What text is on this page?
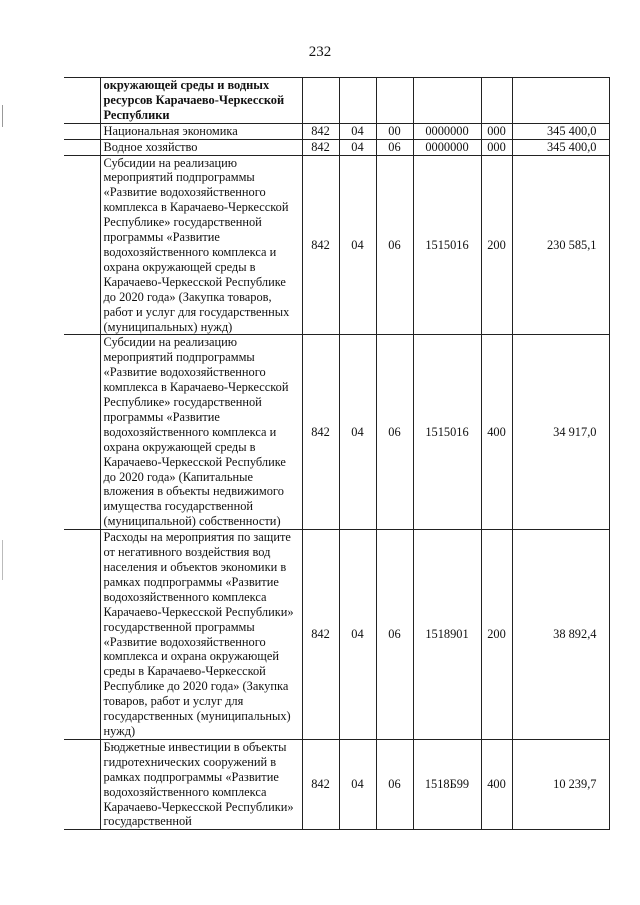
232
	окружающей среды и водных ресурсов Карачаево-Черкесской Республики						
	Национальная экономика	842	04	00	0000000	000	345 400,0
	Водное хозяйство	842	04	06	0000000	000	345 400,0
	Субсидии на реализацию мероприятий подпрограммы «Развитие водохозяйственного комплекса в Карачаево-Черкесской Республике» государственной программы «Развитие водохозяйственного комплекса и охрана окружающей среды в Карачаево-Черкесской Республике до 2020 года» (Закупка товаров, работ и услуг для государственных (муниципальных) нужд)	842	04	06	1515016	200	230 585,1
	Субсидии на реализацию мероприятий подпрограммы «Развитие водохозяйственного комплекса в Карачаево-Черкесской Республике» государственной программы «Развитие водохозяйственного комплекса и охрана окружающей среды в Карачаево-Черкесской Республике до 2020 года» (Капитальные вложения в объекты недвижимого имущества государственной (муниципальной) собственности)	842	04	06	1515016	400	34 917,0
	Расходы на мероприятия по защите от негативного воздействия вод населения и объектов экономики в рамках подпрограммы «Развитие водохозяйственного комплекса Карачаево-Черкесской Республики» государственной программы «Развитие водохозяйственного комплекса и охрана окружающей среды в Карачаево-Черкесской Республике до 2020 года» (Закупка товаров, работ и услуг для государственных (муниципальных) нужд)	842	04	06	1518901	200	38 892,4
	Бюджетные инвестиции в объекты гидротехнических сооружений в рамках подпрограммы «Развитие водохозяйственного комплекса Карачаево-Черкесской Республики» государственной	842	04	06	1518Б99	400	10 239,7
